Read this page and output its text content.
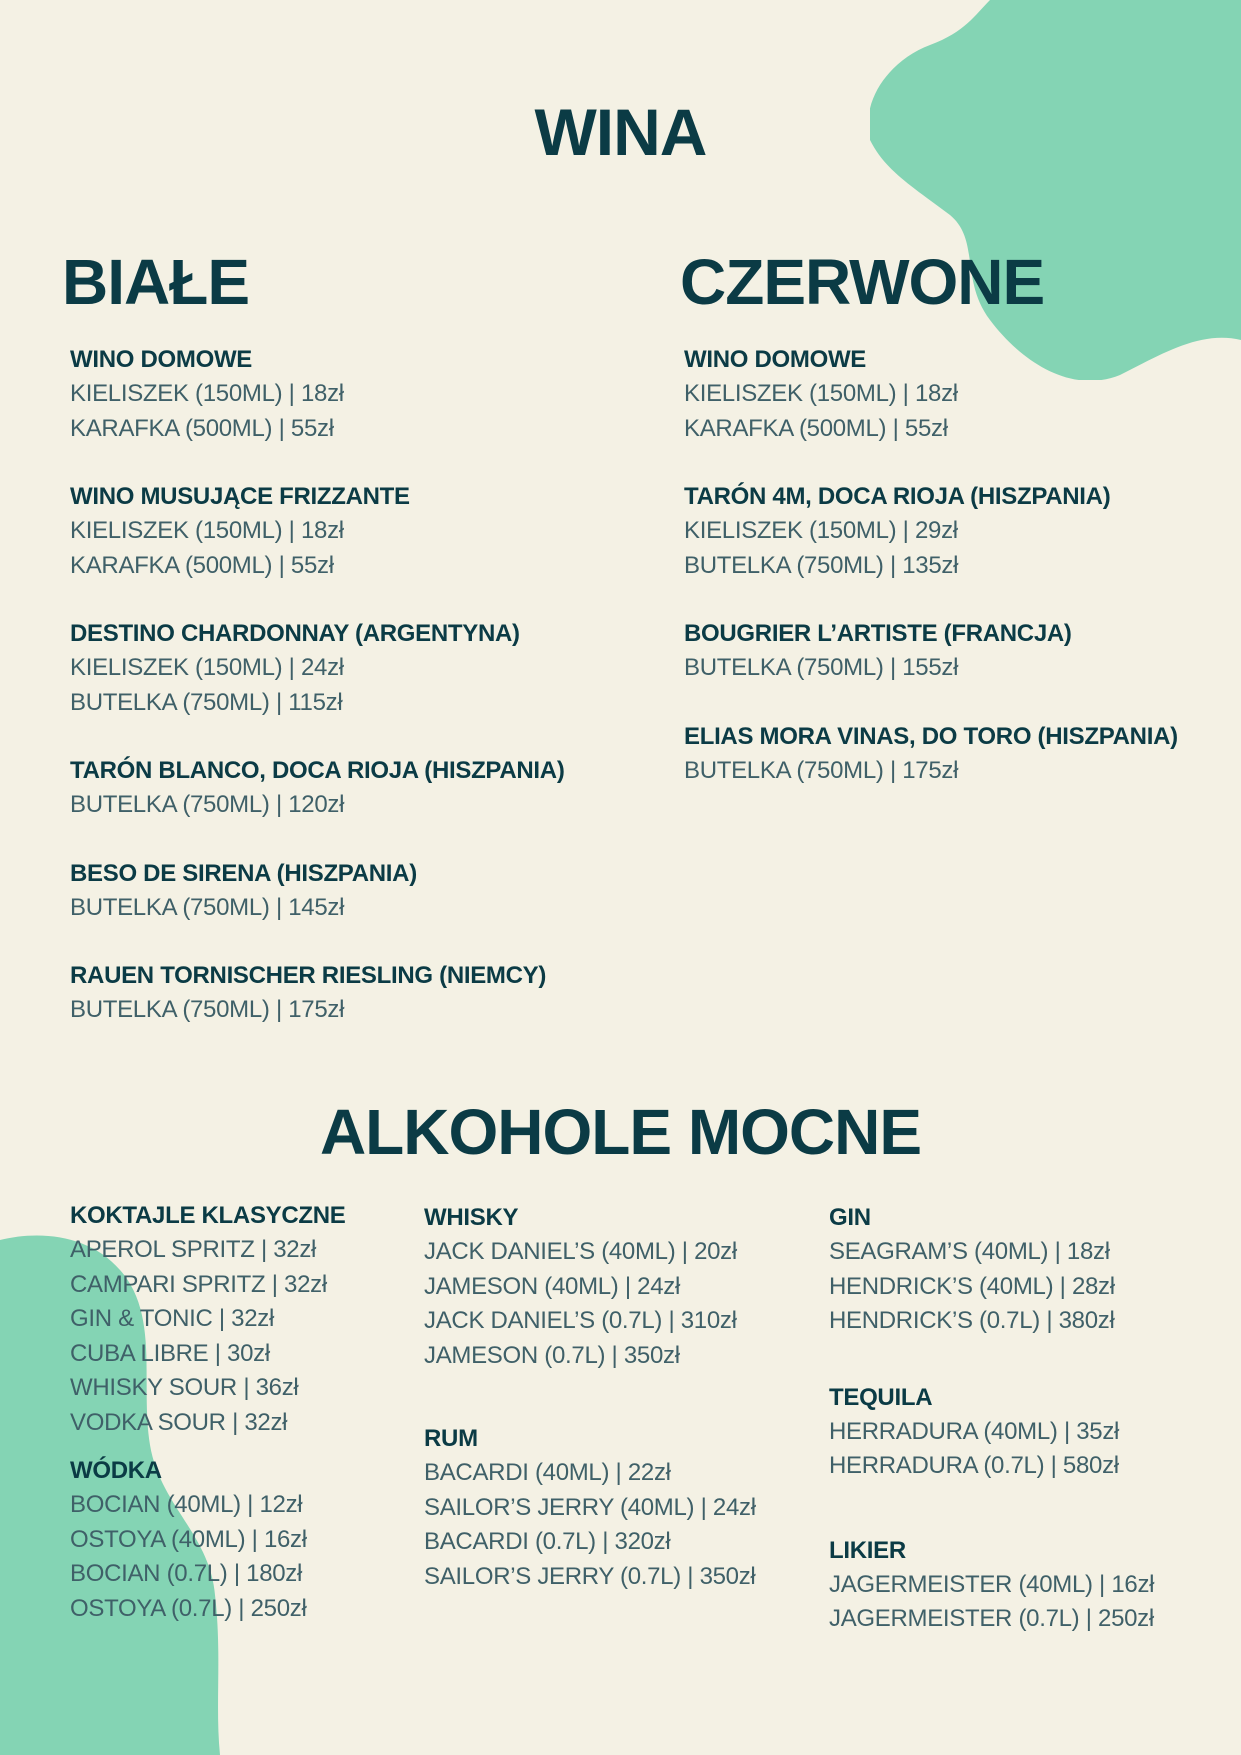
WINA
BIAŁE	CZERWONE
ALKOHOLE MOCNE
WINO DOMOWE
KIELISZEK (150ML) | 18zł
KARAFKA (500ML) | 55zł
WINO MUSUJĄCE FRIZZANTE
KIELISZEK (150ML) | 18zł
KARAFKA (500ML) | 55zł
DESTINO CHARDONNAY (ARGENTYNA)
KIELISZEK (150ML) | 24zł
BUTELKA (750ML) | 115zł
TARÓN BLANCO, DOCA RIOJA (HISZPANIA)
BUTELKA (750ML) | 120zł
BESO DE SIRENA (HISZPANIA)
BUTELKA (750ML) | 145zł
RAUEN TORNISCHER RIESLING (NIEMCY)
BUTELKA (750ML) | 175zł
WINO DOMOWE
KIELISZEK (150ML) | 18zł
KARAFKA (500ML) | 55zł
TARÓN 4M, DOCA RIOJA (HISZPANIA)
KIELISZEK (150ML) | 29zł
BUTELKA (750ML) | 135zł
BOUGRIER L’ARTISTE (FRANCJA)
BUTELKA (750ML) | 155zł
ELIAS MORA VINAS, DO TORO (HISZPANIA)
BUTELKA (750ML) | 175zł
KOKTAJLE KLASYCZNE
APEROL SPRITZ | 32zł
CAMPARI SPRITZ | 32zł
GIN & TONIC | 32zł
CUBA LIBRE | 30zł
WHISKY SOUR | 36zł
VODKA SOUR | 32zł
WÓDKA
BOCIAN (40ML) | 12zł
OSTOYA (40ML) | 16zł
BOCIAN (0.7L) | 180zł
OSTOYA (0.7L) | 250zł
WHISKY
JACK DANIEL’S (40ML) | 20zł
JAMESON (40ML) | 24zł
JACK DANIEL’S (0.7L) | 310zł
JAMESON (0.7L) | 350zł
RUM
BACARDI (40ML) | 22zł
SAILOR’S JERRY (40ML) | 24zł
BACARDI (0.7L) | 320zł
SAILOR’S JERRY (0.7L) | 350zł
GIN
SEAGRAM’S (40ML) | 18zł
HENDRICK’S (40ML) | 28zł
HENDRICK’S (0.7L) | 380zł
TEQUILA
HERRADURA (40ML) | 35zł
HERRADURA (0.7L) | 580zł
LIKIER
JAGERMEISTER (40ML) | 16zł
JAGERMEISTER (0.7L) | 250zł
